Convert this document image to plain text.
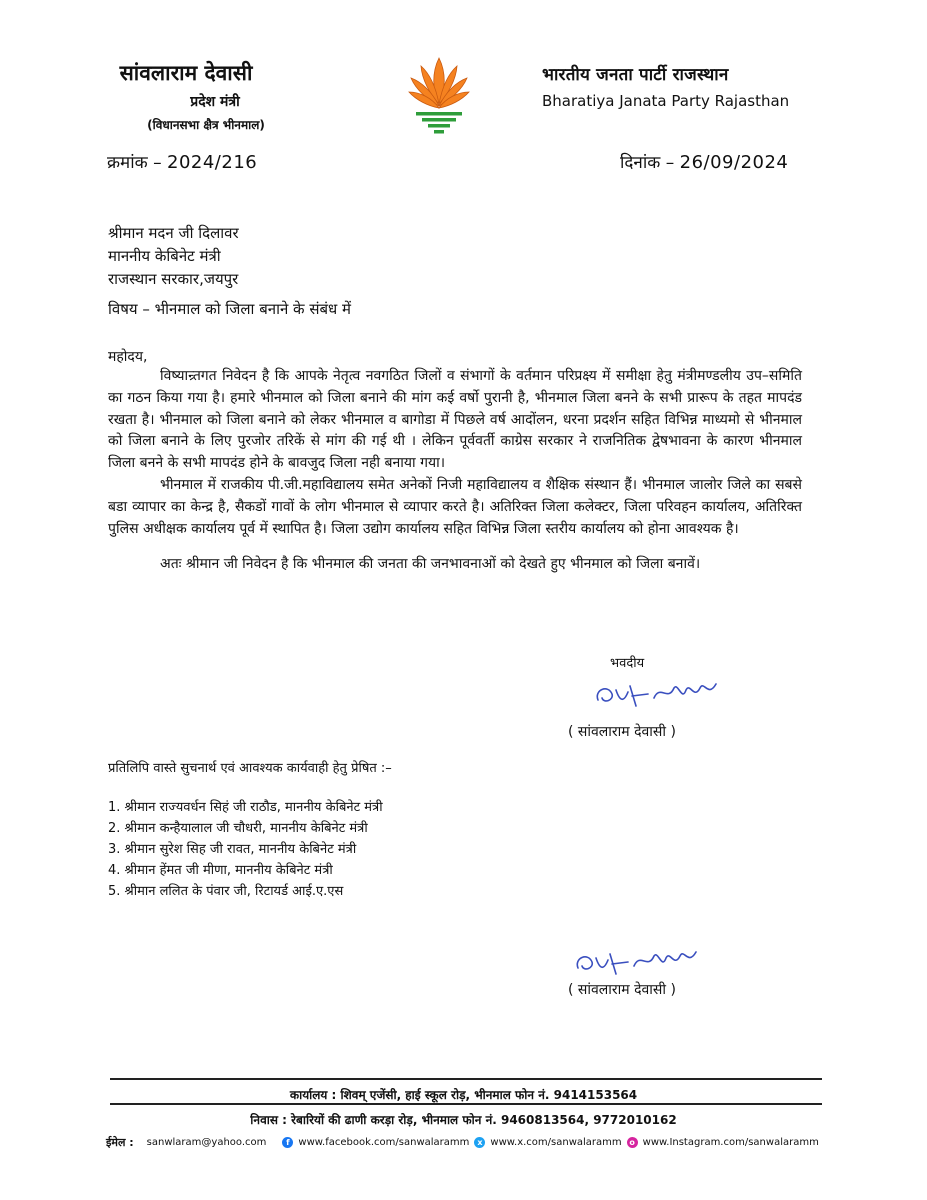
सांवलाराम देवासी
प्रदेश मंत्री
(विधानसभा क्षैत्र भीनमाल)
भारतीय जनता पार्टी राजस्थान
Bharatiya Janata Party Rajasthan
क्रमांक – 2024/216	दिनांक – 26/09/2024
श्रीमान मदन जी दिलावर
माननीय केबिनेट मंत्री
राजस्थान सरकार,जयपुर
विषय – भीनमाल को जिला बनाने के संबंध में
महोदय,

विष्यान्र्तगत निवेदन है कि आपके नेतृत्व नवगठित जिलों व संभागों के वर्तमान परिप्रक्ष्य में समीक्षा हेतु मंत्रीमण्डलीय उप–समिति का गठन किया गया है। हमारे भीनमाल को जिला बनाने की मांग कई वर्षो पुरानी है, भीनमाल जिला बनने के सभी प्रारूप के तहत मापदंड रखता है। भीनमाल को जिला बनाने को लेकर भीनमाल व बागोडा में पिछले वर्ष आदोंलन, धरना प्रदर्शन सहित विभिन्न माध्यमो से भीनमाल को जिला बनाने के लिए पुरजोर तरिकें से मांग की गई थी । लेकिन पूर्ववर्ती काग्रेस सरकार ने राजनितिक द्वेषभावना के कारण भीनमाल जिला बनने के सभी मापदंड होने के बावजुद जिला नही बनाया गया।

भीनमाल में राजकीय पी.जी.महाविद्यालय समेत अनेकों निजी महाविद्यालय व शैक्षिक संस्थान हैं। भीनमाल जालोर जिले का सबसे बडा व्यापार का केन्द्र है, सैकडों गावों के लोग भीनमाल से व्यापार करते है। अतिरिक्त जिला कलेक्टर, जिला परिवहन कार्यालय, अतिरिक्त पुलिस अधीक्षक कार्यालय पूर्व में स्थापित है। जिला उद्योग कार्यालय सहित विभिन्न जिला स्तरीय कार्यालय को होना आवश्यक है।

अतः श्रीमान जी निवेदन है कि भीनमाल की जनता की जनभावनाओं को देखते हुए भीनमाल को जिला बनावें।

भवदीय
( सांवलाराम देवासी )
प्रतिलिपि वास्ते सुचनार्थ एवं आवश्यक कार्यवाही हेतु प्रेषित :–
1. श्रीमान राज्यवर्धन सिहं जी राठौड, माननीय केबिनेट मंत्री
2. श्रीमान कन्हैयालाल जी चौधरी, माननीय केबिनेट मंत्री
3. श्रीमान सुरेश सिह जी रावत, माननीय केबिनेट मंत्री
4. श्रीमान हेंमत जी मीणा, माननीय केबिनेट मंत्री
5. श्रीमान ललित के पंवार जी, रिटायर्ड आई.ए.एस
( सांवलाराम देवासी )
कार्यालय : शिवम् एजेंसी, हाई स्कूल रोड़, भीनमाल फोन नं. 9414153564
निवास : रेबारियों की ढाणी करड़ा रोड़, भीनमाल फोन नं. 9460813564, 9772010162
ईमेल : sanwlaram@yahoo.com	f www.facebook.com/sanwalaramm x www.x.com/sanwalaramm o www.Instagram.com/sanwalaramm
